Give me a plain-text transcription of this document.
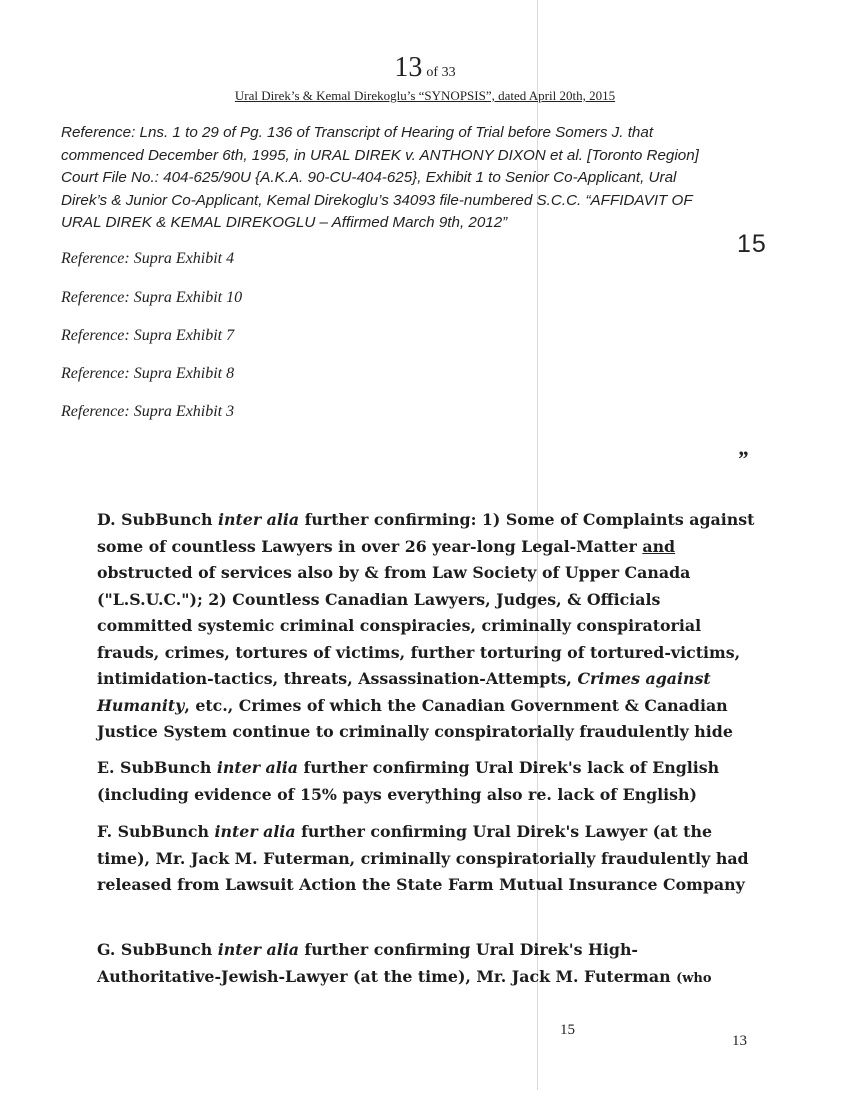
13 of 33
Ural Direk’s & Kemal Direkoglu’s “SYNOPSIS”, dated April 20th, 2015
Reference: Lns. 1 to 29 of Pg. 136 of Transcript of Hearing of Trial before Somers J. that
commenced December 6th, 1995, in URAL DIREK v. ANTHONY DIXON et al. [Toronto Region]
Court File No.: 404-625/90U {A.K.A. 90-CU-404-625}, Exhibit 1 to Senior Co-Applicant, Ural
Direk’s & Junior Co-Applicant, Kemal Direkoglu’s 34093 file-numbered S.C.C. “AFFIDAVIT OF
URAL DIREK & KEMAL DIREKOGLU – Affirmed March 9th, 2012”
Reference: Supra Exhibit 4
Reference: Supra Exhibit 10
Reference: Supra Exhibit 7
Reference: Supra Exhibit 8
Reference: Supra Exhibit 3
15
”
D. SubBunch inter alia further confirming: 1) Some of Complaints against some of countless Lawyers in over 26 year-long Legal-Matter and obstructed of services also by & from Law Society of Upper Canada ("L.S.U.C."); 2) Countless Canadian Lawyers, Judges, & Officials committed systemic criminal conspiracies, criminally conspiratorial frauds, crimes, tortures of victims, further torturing of tortured-victims, intimidation-tactics, threats, Assassination-Attempts, Crimes against Humanity, etc., Crimes of which the Canadian Government & Canadian Justice System continue to criminally conspiratorially fraudulently hide
E. SubBunch inter alia further confirming Ural Direk's lack of English (including evidence of 15% pays everything also re. lack of English)
F. SubBunch inter alia further confirming Ural Direk's Lawyer (at the time), Mr. Jack M. Futerman, criminally conspiratorially fraudulently had released from Lawsuit Action the State Farm Mutual Insurance Company
G. SubBunch inter alia further confirming Ural Direk's High-Authoritative-Jewish-Lawyer (at the time), Mr. Jack M. Futerman (who
15
13
